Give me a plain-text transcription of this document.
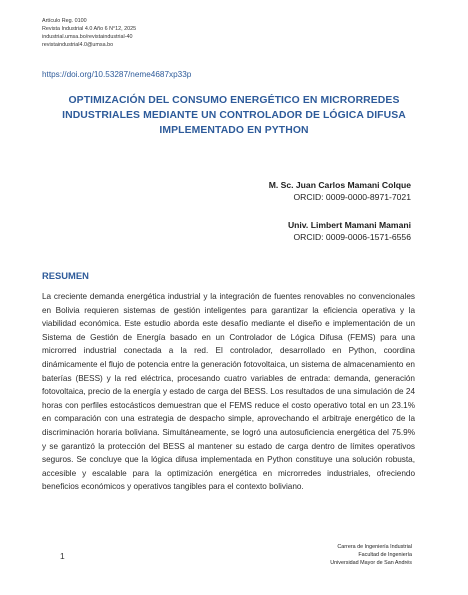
Artículo Reg. 0100
Revista Industrial 4.0 Año 6 N°12, 2025
industrial.umsa.bo/revistaindustrial-40
revistaindustrial4.0@umsa.bo
https://doi.org/10.53287/neme4687xp33p
OPTIMIZACIÓN DEL CONSUMO ENERGÉTICO EN MICRORREDES
INDUSTRIALES MEDIANTE UN CONTROLADOR DE LÓGICA DIFUSA
IMPLEMENTADO EN PYTHON
M. Sc. Juan Carlos Mamani Colque
ORCID: 0009-0000-8971-7021
Univ. Limbert Mamani Mamani
ORCID: 0009-0006-1571-6556
RESUMEN

La creciente demanda energética industrial y la integración de fuentes renovables no convencionales en Bolivia requieren sistemas de gestión inteligentes para garantizar la eficiencia operativa y la viabilidad económica. Este estudio aborda este desafío mediante el diseño e implementación de un Sistema de Gestión de Energía basado en un Controlador de Lógica Difusa (FEMS) para una microrred industrial conectada a la red. El controlador, desarrollado en Python, coordina dinámicamente el flujo de potencia entre la generación fotovoltaica, un sistema de almacenamiento en baterías (BESS) y la red eléctrica, procesando cuatro variables de entrada: demanda, generación fotovoltaica, precio de la energía y estado de carga del BESS. Los resultados de una simulación de 24 horas con perfiles estocásticos demuestran que el FEMS reduce el costo operativo total en un 23.1% en comparación con una estrategia de despacho simple, aprovechando el arbitraje energético de la discriminación horaria boliviana. Simultáneamente, se logró una autosuficiencia energética del 75.9% y se garantizó la protección del BESS al mantener su estado de carga dentro de límites operativos seguros. Se concluye que la lógica difusa implementada en Python constituye una solución robusta, accesible y escalable para la optimización energética en microrredes industriales, ofreciendo beneficios económicos y operativos tangibles para el contexto boliviano.

1
Carrera de Ingeniería Industrial
Facultad de Ingeniería
Universidad Mayor de San Andrés
